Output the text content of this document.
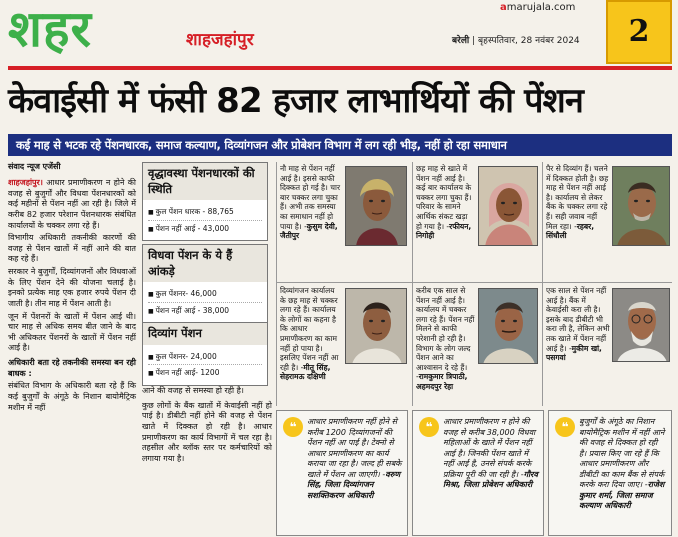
शहर	शाहजहांपुर
amarujala.com
बरेली | बृहस्पतिवार, 28 नवंबर 2024	2
केवाईसी में फंसी 82 हजार लाभार्थियों की पेंशन
कई माह से भटक रहे पेंशनधारक, समाज कल्याण, दिव्यांगजन और प्रोबेशन विभाग में लग रही भीड़, नहीं हो रहा समाधान
संवाद न्यूज एजेंसी

शाहजहांपुर। आधार प्रमाणीकरण न होने की वजह से बुजुर्गों और विधवा पेंशनधारकों को कई महीनों से पेंशन नहीं आ रही है। जिले में करीब 82 हजार परेशान पेंशनधारक संबंधित कार्यालयों के चक्कर लगा रहे हैं।

विभागीय अधिकारी तकनीकी कारणों की वजह से पेंशन खातों में नहीं आने की बात कह रहे हैं।

सरकार ने बुजुर्गों, दिव्यांगजनों और विधवाओं के लिए पेंशन देने की योजना चलाई है। इनको प्रत्येक माह एक हजार रुपये पेंशन दी जाती है। तीन माह में पेंशन आती है।

जून में पेंशनरों के खातों में पेंशन आई थी। चार माह से अधिक समय बीत जाने के बाद भी अधिकतर पेंशनरों के खातों में पेंशन नहीं आई है।

अधिकारी बता रहे तकनीकी समस्या बन रही बाधक :

संबंधित विभाग के अधिकारी बता रहे हैं कि कई बुजुर्गों के अंगूठे के निशान बायोमैट्रिक मशीन में नहीं

वृद्धावस्था पेंशनधारकों की स्थिति
■ कुल पेंशन धारक - 88,765
■ पेंशन नहीं आई - 43,000
विधवा पेंशन के ये हैं आंकड़े
■ कुल पेंशनर- 46,000
■ पेंशन नहीं आई - 38,000
दिव्यांग पेंशन
■ कुल पेंशनर- 24,000
■ पेंशन नहीं आई- 1200

आने की वजह से समस्या हो रही है।

कुछ लोगों के बैंक खातों में केवाईसी नहीं हो पाई है। डीबीटी नहीं होने की वजह से पेंशन खाते में दिक्कत हो रही है। आधार प्रमाणीकरण का कार्य विभागों में चल रहा है। तहसील और ब्लॉक स्तर पर कर्मचारियों को लगाया गया है।

नौ माह से पेंशन नहीं आई है। इससे काफी दिक्कत हो गई है। चार बार चक्कर लगा चुका हैं। अभी तक समस्या का समाधान नहीं हो पाया है। -कुसुम देवी, जैतीपुर
छह माह से खाते में पेंशन नहीं आई है। कई बार कार्यालय के चक्कर लगा चुका हैं। परिवार के सामने आर्थिक संकट खड़ा हो गया है। -रफीयन, निगोही
पैर से दिव्यांग हैं। चलने में दिक्कत होती है। छह माह से पेंशन नहीं आई है। कार्यालय से लेकर बैंक के चक्कर लगा रहे हैं। सही जवाब नहीं मिल रहा। -रहबर, सिंधौली
दिव्यांगजन कार्यालय के छह माह से चक्कर लगा रहे हैं। कार्यालय के लोगों का कहना है कि आधार प्रमाणीकरण का काम नहीं हो पाया है। इसलिए पेंशन नहीं आ रही है। -मीतू सिंह, सेहरामऊ दक्षिणी
करीब एक साल से पेंशन नहीं आई है। कार्यालय में चक्कर लगा रहे हैं। पेंशन नहीं मिलने से काफी परेशानी हो रही है। विभाग के लोग जल्द पेंशन आने का आश्वासन दे रहे हैं। -रामकुमार त्रिपाठी, अहमदपुर रेहा
एक साल से पेंशन नहीं आई है। बैंक में केवाईसी करा ली है। इसके बाद डीबीटी भी करा ली है, लेकिन अभी तक खाते में पेंशन नहीं आई है। -मुकीम खां, पसगवां
❝	आधार प्रमाणीकरण नहीं होने से करीब 1200 दिव्यांगजनों की पेंशन नहीं आ पाई है। टेक्नो से आधार प्रमाणीकरण का कार्य कराया जा रहा है। जल्द ही सबके खाते में पेंशन आ जाएगी। -वरुण सिंह, जिला दिव्यांगजन सशक्तिकरण अधिकारी
❝	आधार प्रमाणीकरण न होने की वजह से करीब 38,000 विधवा महिलाओं के खाते में पेंशन नहीं आई है। जिनकी पेंशन खाते में नहीं आई है, उनसे संपर्क करके प्रक्रिया पूरी की जा रही है। -गौरव मिश्रा, जिला प्रोबेशन अधिकारी
❝	बुजुर्गों के अंगूठे का निशान बायोमैट्रिक मशीन में नहीं आने की वजह से दिक्कत हो रही है। प्रयास किए जा रहे हैं कि आधार प्रमाणीकरण और डीबीटी का काम बैंक से संपर्क करके करा दिया जाए। -राजेश कुमार शर्मा, जिला समाज कल्याण अधिकारी
